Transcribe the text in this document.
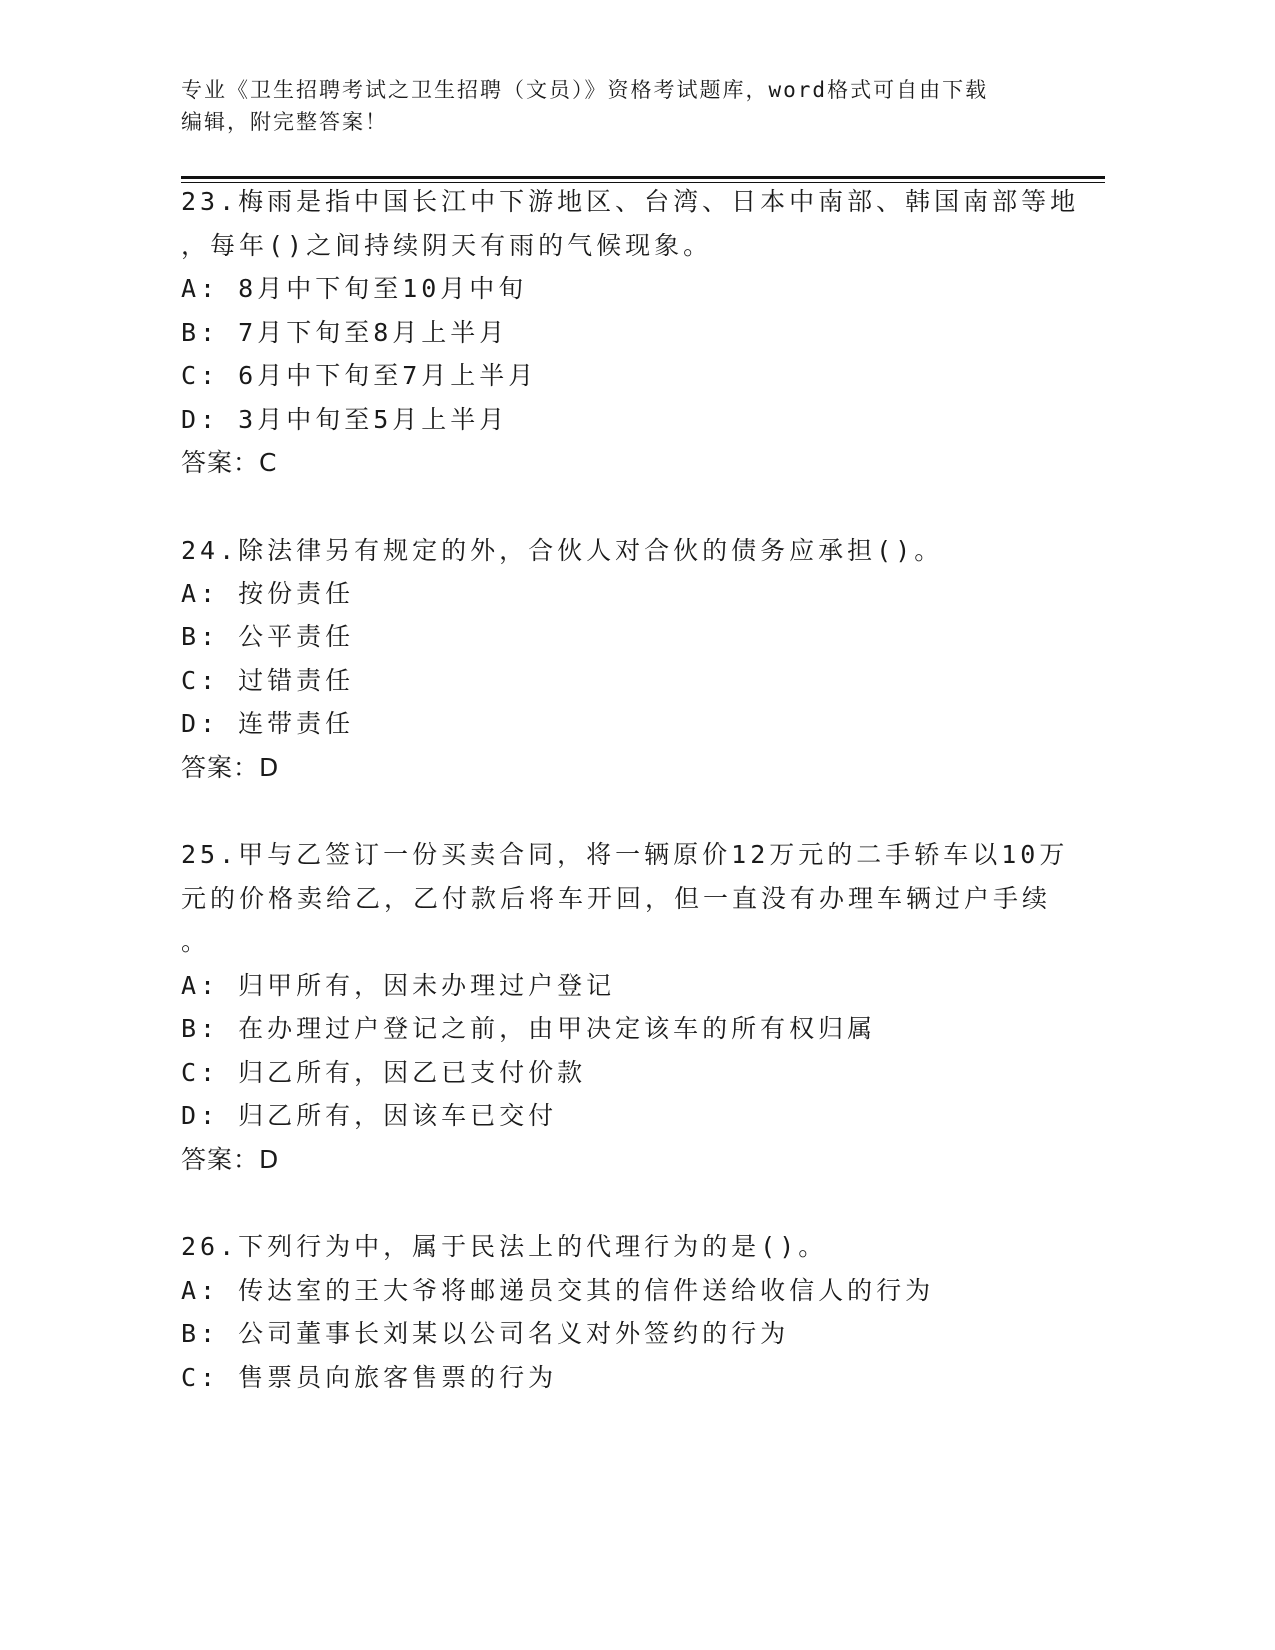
专业《卫生招聘考试之卫生招聘（文员）》资格考试题库，word格式可自由下载
编辑，附完整答案！
23.梅雨是指中国长江中下游地区、台湾、日本中南部、韩国南部等地
，每年()之间持续阴天有雨的气候现象。
A: 8月中下旬至10月中旬
B: 7月下旬至8月上半月
C: 6月中下旬至7月上半月
D: 3月中旬至5月上半月
答案：C
24.除法律另有规定的外，合伙人对合伙的债务应承担()。
A: 按份责任
B: 公平责任
C: 过错责任
D: 连带责任
答案：D
25.甲与乙签订一份买卖合同，将一辆原价12万元的二手轿车以10万
元的价格卖给乙，乙付款后将车开回，但一直没有办理车辆过户手续
。
A: 归甲所有，因未办理过户登记
B: 在办理过户登记之前，由甲决定该车的所有权归属
C: 归乙所有，因乙已支付价款
D: 归乙所有，因该车已交付
答案：D
26.下列行为中，属于民法上的代理行为的是()。
A: 传达室的王大爷将邮递员交其的信件送给收信人的行为
B: 公司董事长刘某以公司名义对外签约的行为
C: 售票员向旅客售票的行为
